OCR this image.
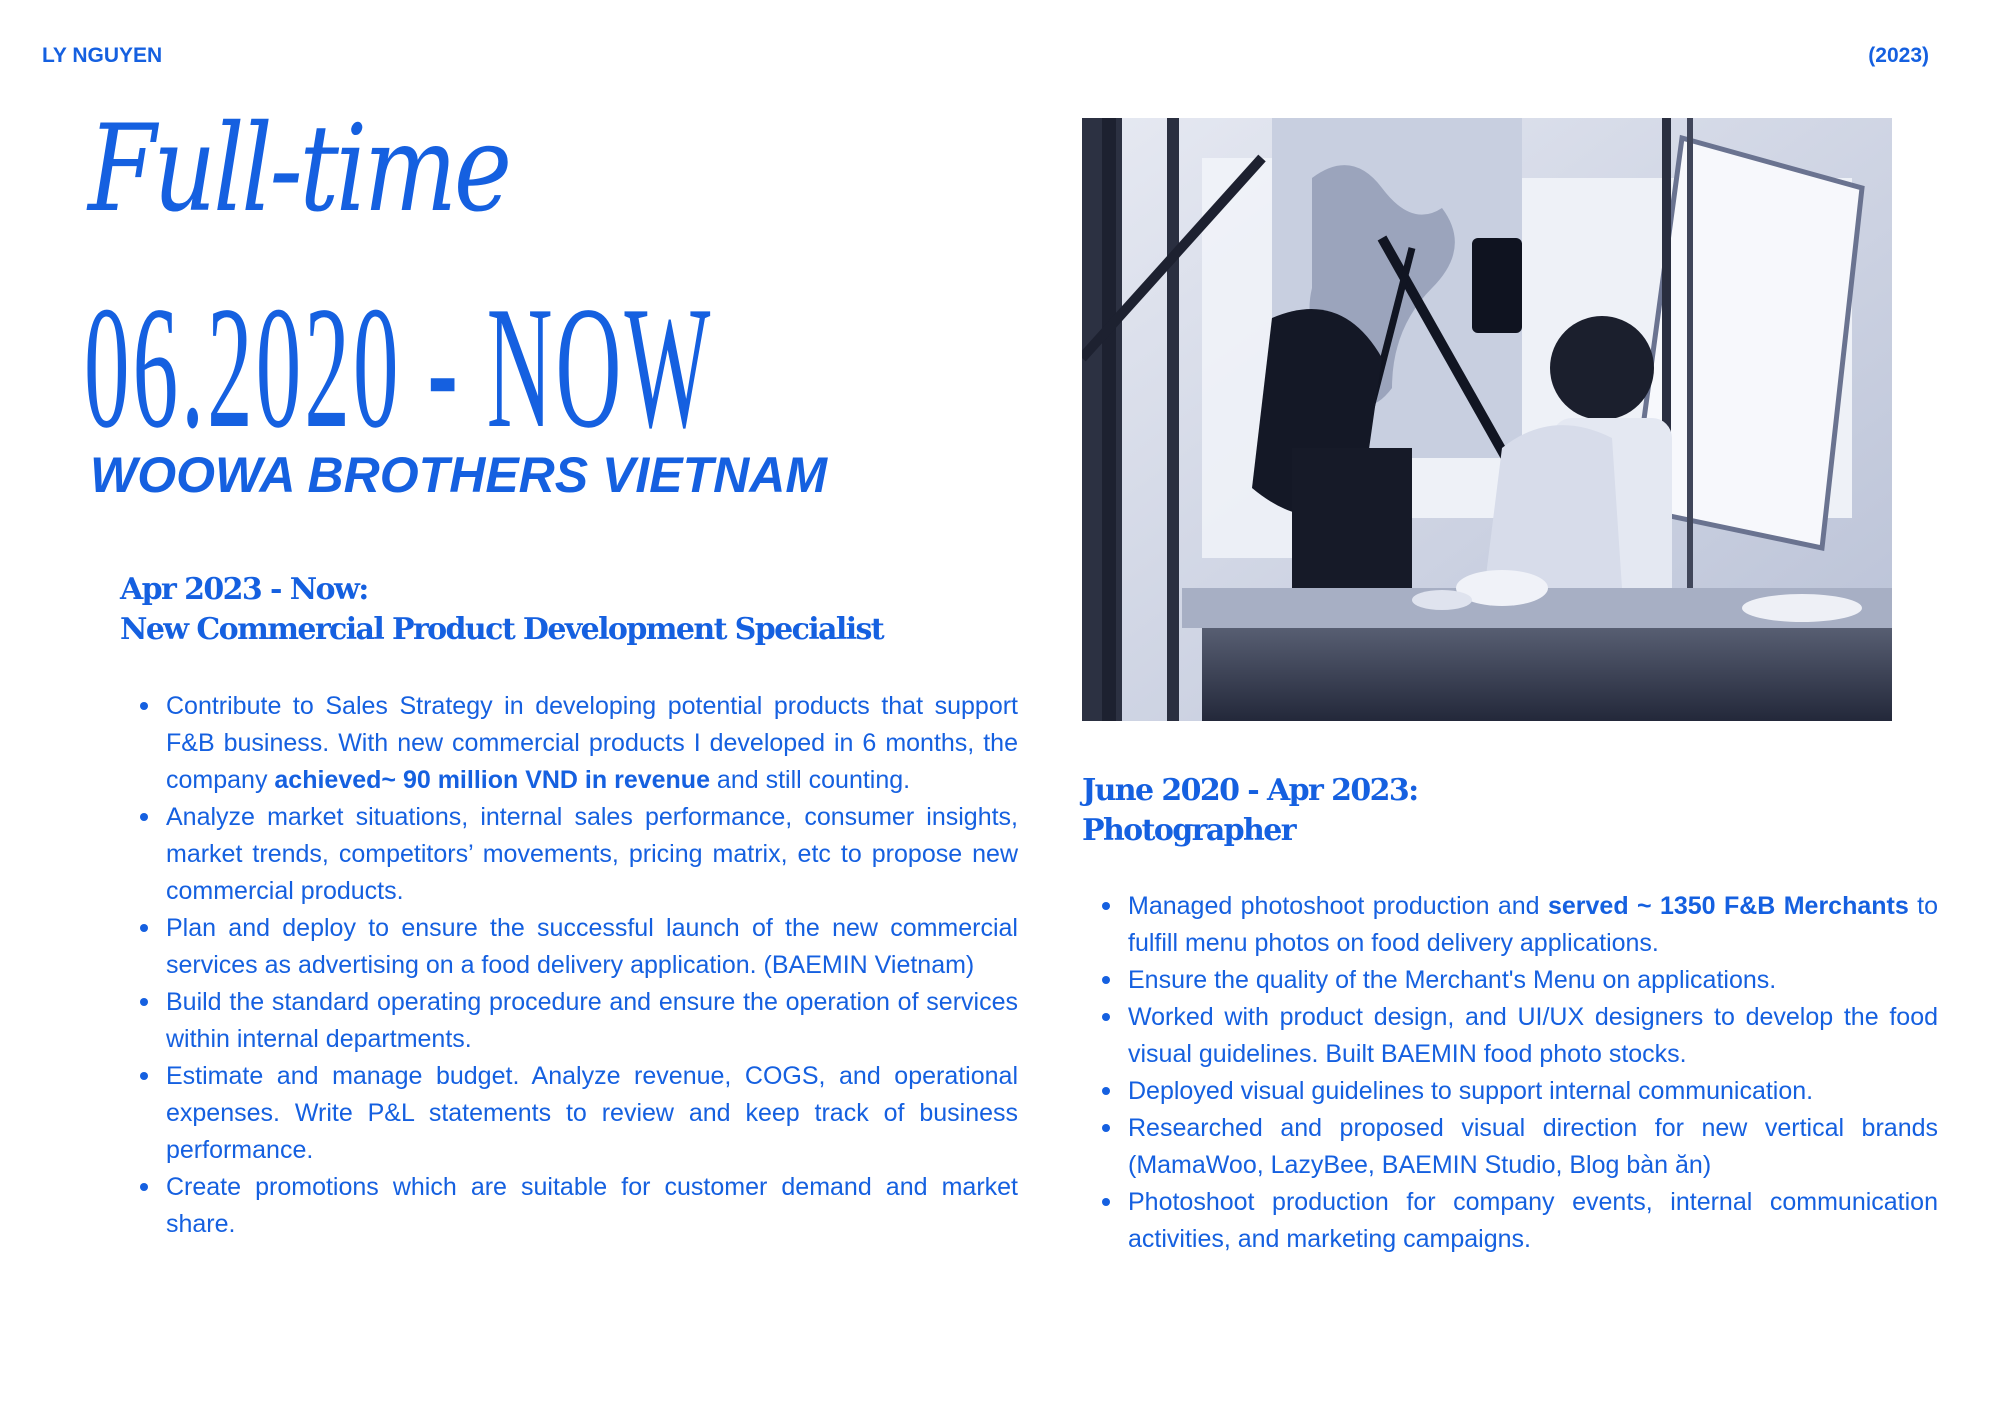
LY NGUYEN	(2023)
Full-time
06.2020 - NOW
WOOWA BROTHERS VIETNAM
Apr 2023 - Now:
New Commercial Product Development Specialist
Contribute to Sales Strategy in developing potential products that support F&B business. With new commercial products I developed in 6 months, the company achieved~ 90 million VND in revenue and still counting.
Analyze market situations, internal sales performance, consumer insights, market trends, competitors’ movements, pricing matrix, etc to propose new commercial products.
Plan and deploy to ensure the successful launch of the new commercial services as advertising on a food delivery application. (BAEMIN Vietnam)
Build the standard operating procedure and ensure the operation of services within internal departments.
Estimate and manage budget. Analyze revenue, COGS, and operational expenses. Write P&L statements to review and keep track of business performance.
Create promotions which are suitable for customer demand and market share.
June 2020 - Apr 2023:
Photographer
Managed photoshoot production and served ~ 1350 F&B Merchants to fulfill menu photos on food delivery applications.
Ensure the quality of the Merchant's Menu on applications.
Worked with product design, and UI/UX designers to develop the food visual guidelines. Built BAEMIN food photo stocks.
Deployed visual guidelines to support internal communication.
Researched and proposed visual direction for new vertical brands (MamaWoo, LazyBee, BAEMIN Studio, Blog bàn ăn)
Photoshoot production for company events, internal communication activities, and marketing campaigns.
